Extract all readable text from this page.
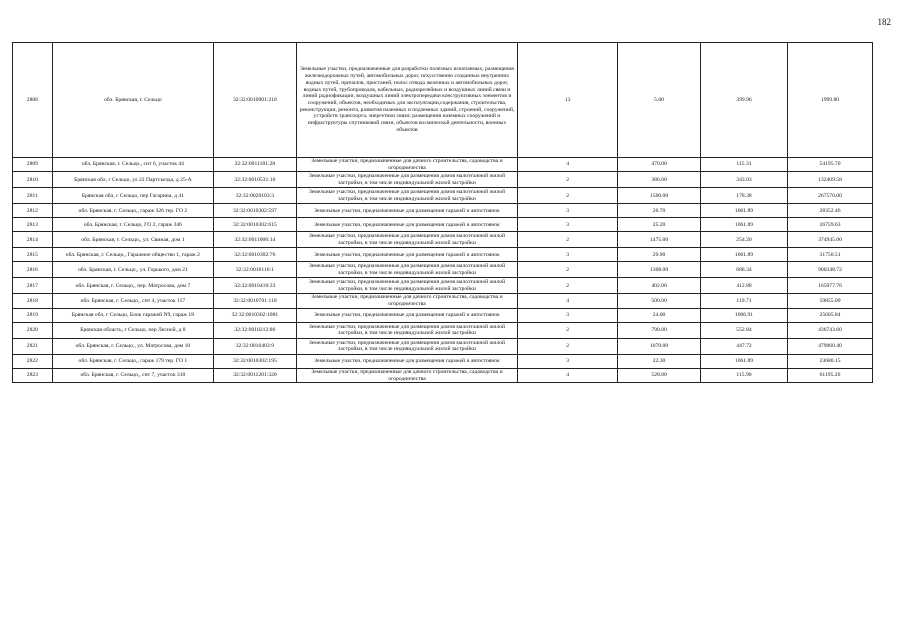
182
2808	обл. Брянская, г. Сельцо	32:32:0010901:218	Земельные участки, предназначенные для разработки полезных ископаемых, размещения железнодорожных путей, автомобильных дорог, искусственно созданных внутренних водных путей, причалов, пристаней, полос отвода железных и автомобильных дорог, водных путей, трубопроводов, кабельных, радиорелейных и воздушных линий связи и линий радиофикации, воздушных линий электропередачи конструктивных элементов и сооружений, объектов, необходимых для эксплуатации,содержания, строительства, реконструкции, ремонта, развития наземных и подземных зданий, строений, сооружений, устройств транспорта, энергетики связи; размещения наземных сооружений и инфраструктуры спутниковой связи, объектов космической деятельности, военных объектов	13	5.00	399.96	1999.80
2809	обл. Брянская, г. Сельцо,, снт 6, участок 44	32:32:0011101:28	Земельные участки, предназначенные для дачного строительства, садоводства и огородничества	4	470.00	115.31	54195.70
2810	Брянская обл, г Сельцо, ул 22 Партсъезда, д 25-А	32:32:0010531:10	Земельные участки, предназначенные для размещения домов малоэтажной жилой застройки, в том числе индивидуальной жилой застройки	2	386.00	343.03	132409.58
2811	Брянская обл, г Сельцо, пер Гагарина, д 41	32:32:0020103:3	Земельные участки, предназначенные для размещения домов малоэтажной жилой застройки, в том числе индивидуальной жилой застройки	2	1500.00	178.38	267570.00
2812	обл. Брянская, г. Сельцо,, гараж 326 тер. ГО 2	32:32:0010302:597	Земельные участки, предназначенные для размещения гаражей и автостоянок	3	26.70	1061.89	28352.46
2813	обл. Брянская, г. Сельцо, ГО 2, гараж 346	32:32:0010302:615	Земельные участки, предназначенные для размещения гаражей и автостоянок	3	25.20	1061.89	26759.63
2814	обл. Брянская, г. Сельцо,, ул. Свиная, дом 1	32:32:0011006:14	Земельные участки, предназначенные для размещения домов малоэтажной жилой застройки, в том числе индивидуальной жилой застройки	2	1475.00	254.20	374945.00
2815	обл. Брянская, г. Сельцо,, Гаражное общество 1, гараж 2	32:32:0010302:76	Земельные участки, предназначенные для размещения гаражей и автостоянок	3	29.90	1061.89	31750.51
2816	обл. Брянская, г. Сельцо,, ул. Горького, дом 21	32:32:0010110:1	Земельные участки, предназначенные для размещения домов малоэтажной жилой застройки, в том числе индивидуальной жилой застройки	2	1308.00	688.34	900348.72
2817	обл. Брянская, г. Сельцо,, пер. Матросова, дом 7	32:32:0010410:33	Земельные участки, предназначенные для размещения домов малоэтажной жилой застройки, в том числе индивидуальной жилой застройки	2	402.00	412.88	165977.76
2818	обл. Брянская, г. Сельцо,, снт 4, участок 117	32:32:0010701:118	Земельные участки, предназначенные для дачного строительства, садоводства и огородничества	4	500.00	119.71	59855.00
2819	Брянская обл, г Сельцо, Блок гаражей N9, гараж 18	32:32:0010302:1081	Земельные участки, предназначенные для размещения гаражей и автостоянок	3	24.00	1066.91	25605.84
2820	Брянская область, г Сельцо, пер Лесной, д 8	32:32:0010212:86	Земельные участки, предназначенные для размещения домов малоэтажной жилой застройки, в том числе индивидуальной жилой застройки	2	790.00	552.84	436743.60
2821	обл. Брянская, г. Сельцо,, ул. Матросова, дом 10	32:32:0010403:9	Земельные участки, предназначенные для размещения домов малоэтажной жилой застройки, в том числе индивидуальной жилой застройки	2	1070.00	447.72	479060.40
2822	обл. Брянская, г. Сельцо,, гараж 179 тер. ГО 1	32:32:0010302:195	Земельные участки, предназначенные для размещения гаражей и автостоянок	3	22.30	1061.89	23680.15
2823	обл. Брянская, г. Сельцо,, снт 7, участок 310	32:32:0011201:320	Земельные участки, предназначенные для дачного строительства, садоводства и огородничества	4	528.00	115.90	61195.20
